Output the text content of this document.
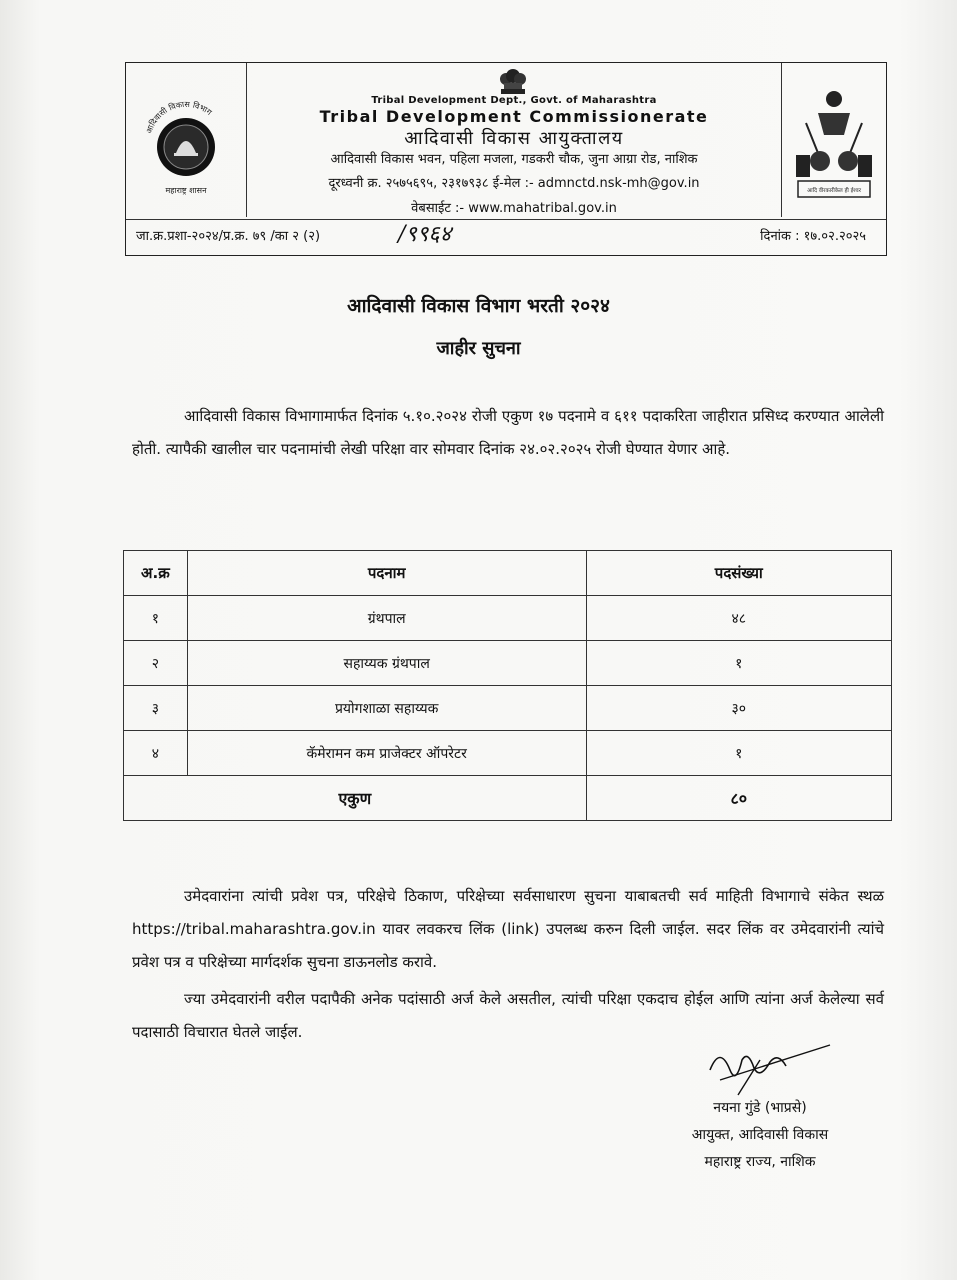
आदिवासी विकास विभाग
महाराष्ट्र शासन
Tribal Development Dept., Govt. of Maharashtra
Tribal Development Commissionerate
आदिवासी विकास आयुक्तालय
आदिवासी विकास भवन, पहिला मजला, गडकरी चौक, जुना आग्रा रोड, नाशिक
दूरध्वनी क्र. २५७५६९५, २३१७९३८ ई-मेल :- admnctd.nsk-mh@gov.in
वेबसाईट :- www.mahatribal.gov.in
आदि वीरकारीकेल ही ईश्वर
जा.क्र.प्रशा-२०२४/प्र.क्र. ७९ /का २ (२)	/९९६४	दिनांक : १७.०२.२०२५
आदिवासी विकास विभाग भरती २०२४
जाहीर सुचना
आदिवासी विकास विभागामार्फत दिनांक ५.१०.२०२४ रोजी एकुण १७ पदनामे व ६११ पदाकरिता जाहीरात प्रसिध्द करण्यात आलेली होती. त्यापैकी खालील चार पदनामांची लेखी परिक्षा वार सोमवार दिनांक २४.०२.२०२५ रोजी घेण्यात येणार आहे.
अ.क्र	पदनाम	पदसंख्या
१	ग्रंथपाल	४८
२	सहाय्यक ग्रंथपाल	१
३	प्रयोगशाळा सहाय्यक	३०
४	कॅमेरामन कम प्राजेक्टर ऑपरेटर	१
एकुण		८०
उमेदवारांना त्यांची प्रवेश पत्र, परिक्षेचे ठिकाण, परिक्षेच्या सर्वसाधारण सुचना याबाबतची सर्व माहिती विभागाचे संकेत स्थळ https://tribal.maharashtra.gov.in यावर लवकरच लिंक (link) उपलब्ध करुन दिली जाईल. सदर लिंक वर उमेदवारांनी त्यांचे प्रवेश पत्र व परिक्षेच्या मार्गदर्शक सुचना डाऊनलोड करावे.
ज्या उमेदवारांनी वरील पदापैकी अनेक पदांसाठी अर्ज केले असतील, त्यांची परिक्षा एकदाच होईल आणि त्यांना अर्ज केलेल्या सर्व पदासाठी विचारात घेतले जाईल.
नयना गुंडे (भाप्रसे)
आयुक्त, आदिवासी विकास
महाराष्ट्र राज्य, नाशिक
